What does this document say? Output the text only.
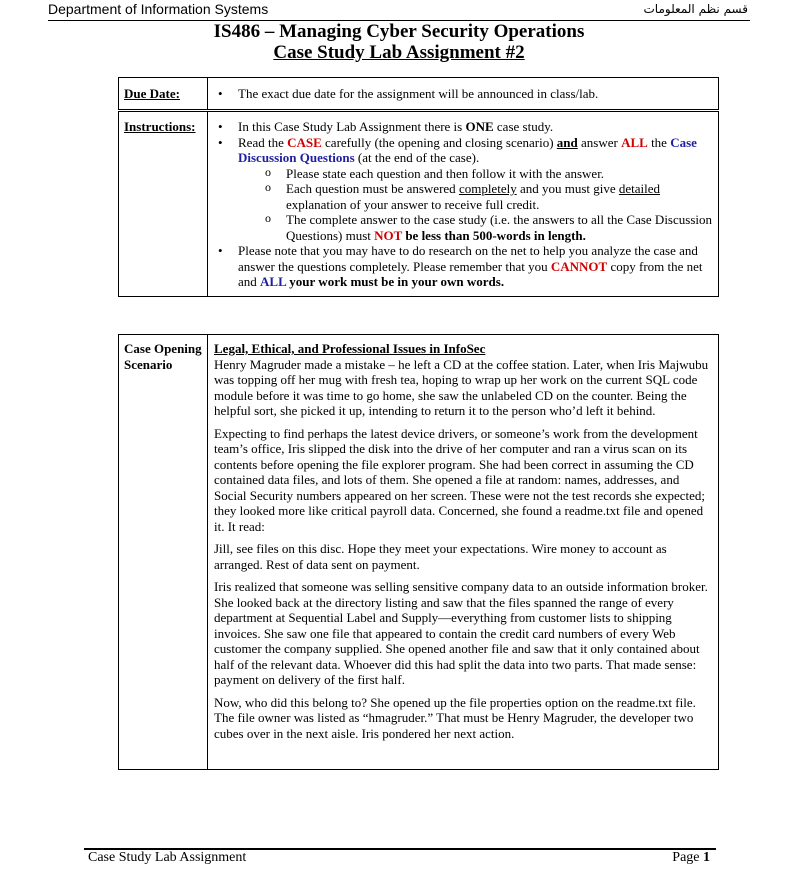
Department of Information Systems	قسم نظم المعلومات
IS486 – Managing Cyber Security Operations
Case Study Lab Assignment #2
Due Date:	
•The exact due date for the assignment will be announced in class/lab.
Instructions:	
•In this Case Study Lab Assignment there is ONE case study.
• Read the CASE carefully (the opening and closing scenario) and answer ALL the Case Discussion Questions (at the end of the case).
o Please state each question and then follow it with the answer.
o Each question must be answered completely and you must give detailed explanation of your answer to receive full credit.
o The complete answer to the case study (i.e. the answers to all the Case Discussion Questions) must NOT be less than 500-words in length.
• Please note that you may have to do research on the net to help you analyze the case and answer the questions completely. Please remember that you CANNOT copy from the net and ALL your work must be in your own words.
Case Opening Scenario	
Legal, Ethical, and Professional Issues in InfoSec

Henry Magruder made a mistake – he left a CD at the coffee station. Later, when Iris Majwubu was topping off her mug with fresh tea, hoping to wrap up her work on the current SQL code module before it was time to go home, she saw the unlabeled CD on the counter. Being the helpful sort, she picked it up, intending to return it to the person who’d left it behind.

Expecting to find perhaps the latest device drivers, or someone’s work from the development team’s office, Iris slipped the disk into the drive of her computer and ran a virus scan on its contents before opening the file explorer program. She had been correct in assuming the CD contained data files, and lots of them. She opened a file at random: names, addresses, and Social Security numbers appeared on her screen. These were not the test records she expected; they looked more like critical payroll data. Concerned, she found a readme.txt file and opened it. It read:

Jill, see files on this disc. Hope they meet your expectations. Wire money to account as arranged. Rest of data sent on payment.

Iris realized that someone was selling sensitive company data to an outside information broker. She looked back at the directory listing and saw that the files spanned the range of every department at Sequential Label and Supply—everything from customer lists to shipping invoices. She saw one file that appeared to contain the credit card numbers of every Web customer the company supplied. She opened another file and saw that it only contained about half of the relevant data. Whoever did this had split the data into two parts. That made sense: payment on delivery of the first half.

Now, who did this belong to? She opened up the file properties option on the readme.txt file. The file owner was listed as “hmagruder.” That must be Henry Magruder, the developer two cubes over in the next aisle. Iris pondered her next action.

Case Study Lab Assignment	Page 1
